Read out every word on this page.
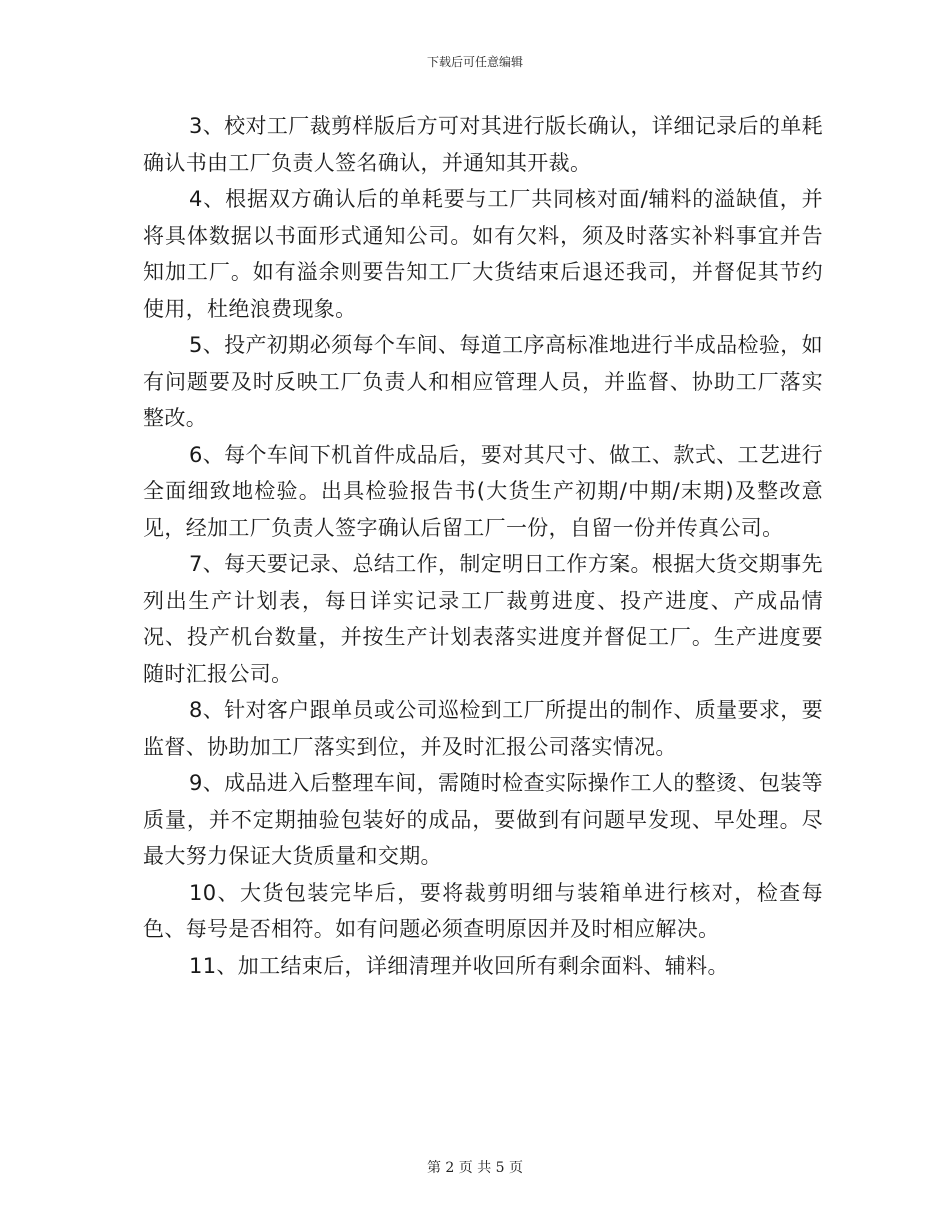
下载后可任意编辑

3、校对工厂裁剪样版后方可对其进行版长确认，详细记录后的单耗确认书由工厂负责人签名确认，并通知其开裁。

4、根据双方确认后的单耗要与工厂共同核对面/辅料的溢缺值，并将具体数据以书面形式通知公司。如有欠料，须及时落实补料事宜并告知加工厂。如有溢余则要告知工厂大货结束后退还我司，并督促其节约使用，杜绝浪费现象。

5、投产初期必须每个车间、每道工序高标准地进行半成品检验，如有问题要及时反映工厂负责人和相应管理人员，并监督、协助工厂落实整改。

6、每个车间下机首件成品后，要对其尺寸、做工、款式、工艺进行全面细致地检验。出具检验报告书(大货生产初期/中期/末期)及整改意见，经加工厂负责人签字确认后留工厂一份，自留一份并传真公司。

7、每天要记录、总结工作，制定明日工作方案。根据大货交期事先列出生产计划表，每日详实记录工厂裁剪进度、投产进度、产成品情况、投产机台数量，并按生产计划表落实进度并督促工厂。生产进度要随时汇报公司。

8、针对客户跟单员或公司巡检到工厂所提出的制作、质量要求，要监督、协助加工厂落实到位，并及时汇报公司落实情况。

9、成品进入后整理车间，需随时检查实际操作工人的整烫、包装等质量，并不定期抽验包装好的成品，要做到有问题早发现、早处理。尽最大努力保证大货质量和交期。

10、大货包装完毕后，要将裁剪明细与装箱单进行核对，检查每色、每号是否相符。如有问题必须查明原因并及时相应解决。

11、加工结束后，详细清理并收回所有剩余面料、辅料。

第 2 页 共 5 页
